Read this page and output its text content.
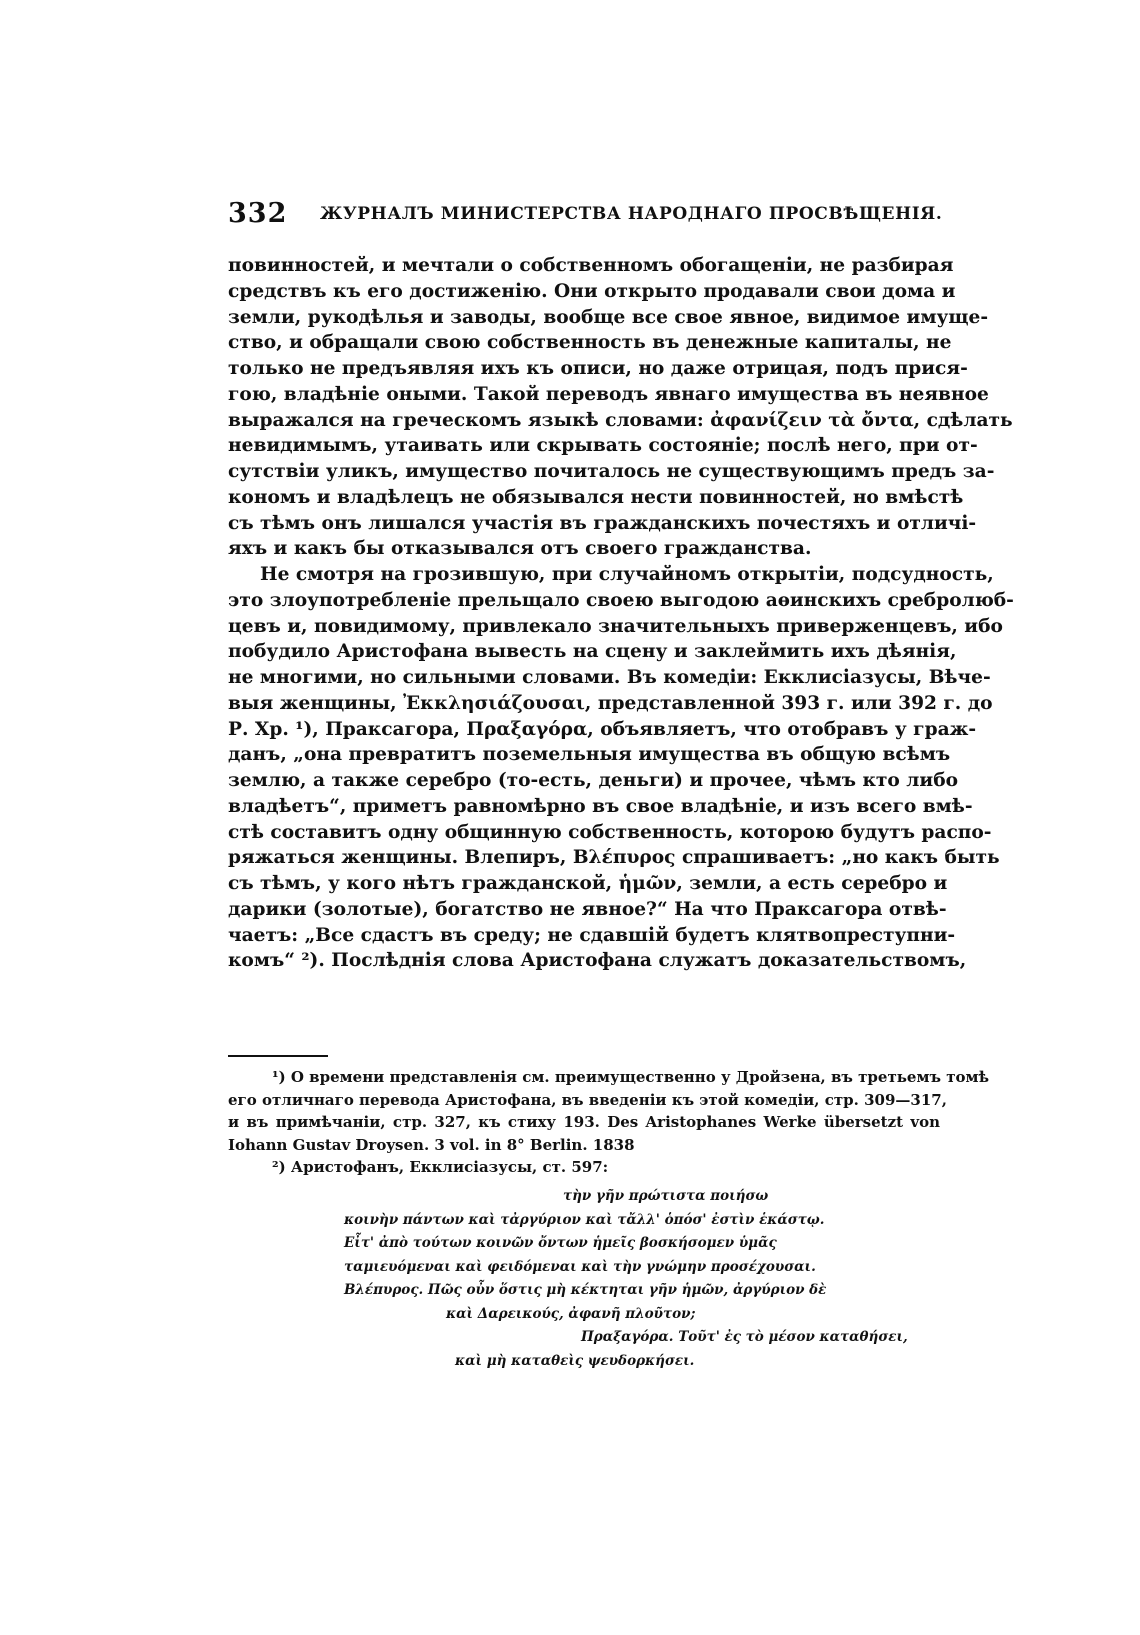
332 ЖУРНАЛЪ МИНИСТЕРСТВА НАРОДНАГО ПРОСВѢЩЕНІЯ.
повинностей, и мечтали о собственномъ обогащеніи, не разбирая
средствъ къ его достиженію. Они открыто продавали свои дома и
земли, рукодѣлья и заводы, вообще все свое явное, видимое имуще-
ство, и обращали свою собственность въ денежные капиталы, не
только не предъявляя ихъ къ описи, но даже отрицая, подъ прися-
гою, владѣніе оными. Такой переводъ явнаго имущества въ неявное
выражался на греческомъ языкѣ словами: ἀφανίζειν τὰ ὄντα, сдѣлать
невидимымъ, утаивать или скрывать состояніе; послѣ него, при от-
сутствіи уликъ, имущество почиталось не существующимъ предъ за-
кономъ и владѣлецъ не обязывался нести повинностей, но вмѣстѣ
съ тѣмъ онъ лишался участія въ гражданскихъ почестяхъ и отличі-
яхъ и какъ бы отказывался отъ своего гражданства.
Не смотря на грозившую, при случайномъ открытіи, подсудность,
это злоупотребленіе прельщало своею выгодою аѳинскихъ сребролюб-
цевъ и, повидимому, привлекало значительныхъ приверженцевъ, ибо
побудило Аристофана вывесть на сцену и заклеймить ихъ дѣянія,
не многими, но сильными словами. Въ комедіи: Екклисіазусы, Вѣче-
выя женщины, Ἐκκλησιάζουσαι, представленной 393 г. или 392 г. до
Р. Хр. ¹), Праксагора, Πραξαγόρα, объявляетъ, что отобравъ у граж-
данъ, „она превратитъ поземельныя имущества въ общую всѣмъ
землю, а также серебро (то-есть, деньги) и прочее, чѣмъ кто либо
владѣетъ“, приметъ равномѣрно въ свое владѣніе, и изъ всего вмѣ-
стѣ составитъ одну общинную собственность, которою будутъ распо-
ряжаться женщины. Влепиръ, Βλέπυρος спрашиваетъ: „но какъ быть
съ тѣмъ, у кого нѣтъ гражданской, ἡμῶν, земли, а есть серебро и
дарики (золотые), богатство не явное?“ На что Праксагора отвѣ-
чаетъ: „Все сдастъ въ среду; не сдавшій будетъ клятвопреступни-
комъ“ ²). Послѣднія слова Аристофана служатъ доказательствомъ,
¹) О времени представленія см. преимущественно у Дройзена, въ третьемъ томѣ
его отличнаго перевода Аристофана, въ введеніи къ этой комедіи, стр. 309—317,
и въ примѣчаніи, стр. 327, къ стиху 193. Des Aristophanes Werke übersetzt von
Iohann Gustav Droysen. 3 vol. in 8° Berlin. 1838
²) Аристофанъ, Екклисіазусы, ст. 597:
τὴν γῆν πρώτιστα ποιήσω
κοινὴν πάντων καὶ τἀργύριον καὶ τἄλλ' ὁπόσ' ἐστὶν ἑκάστῳ.
Εἶτ' ἀπὸ τούτων κοινῶν ὄντων ἡμεῖς βοσκήσομεν ὑμᾶς
ταμιευόμεναι καὶ φειδόμεναι καὶ τὴν γνώμην προσέχουσαι.
Βλέπυρος. Πῶς οὖν ὅστις μὴ κέκτηται γῆν ἡμῶν, ἀργύριον δὲ
καὶ Δαρεικούς, ἀφανῆ πλοῦτον;
Πραξαγόρα. Τοῦτ' ἐς τὸ μέσον καταθήσει,
καὶ μὴ καταθεὶς ψευδορκήσει.
